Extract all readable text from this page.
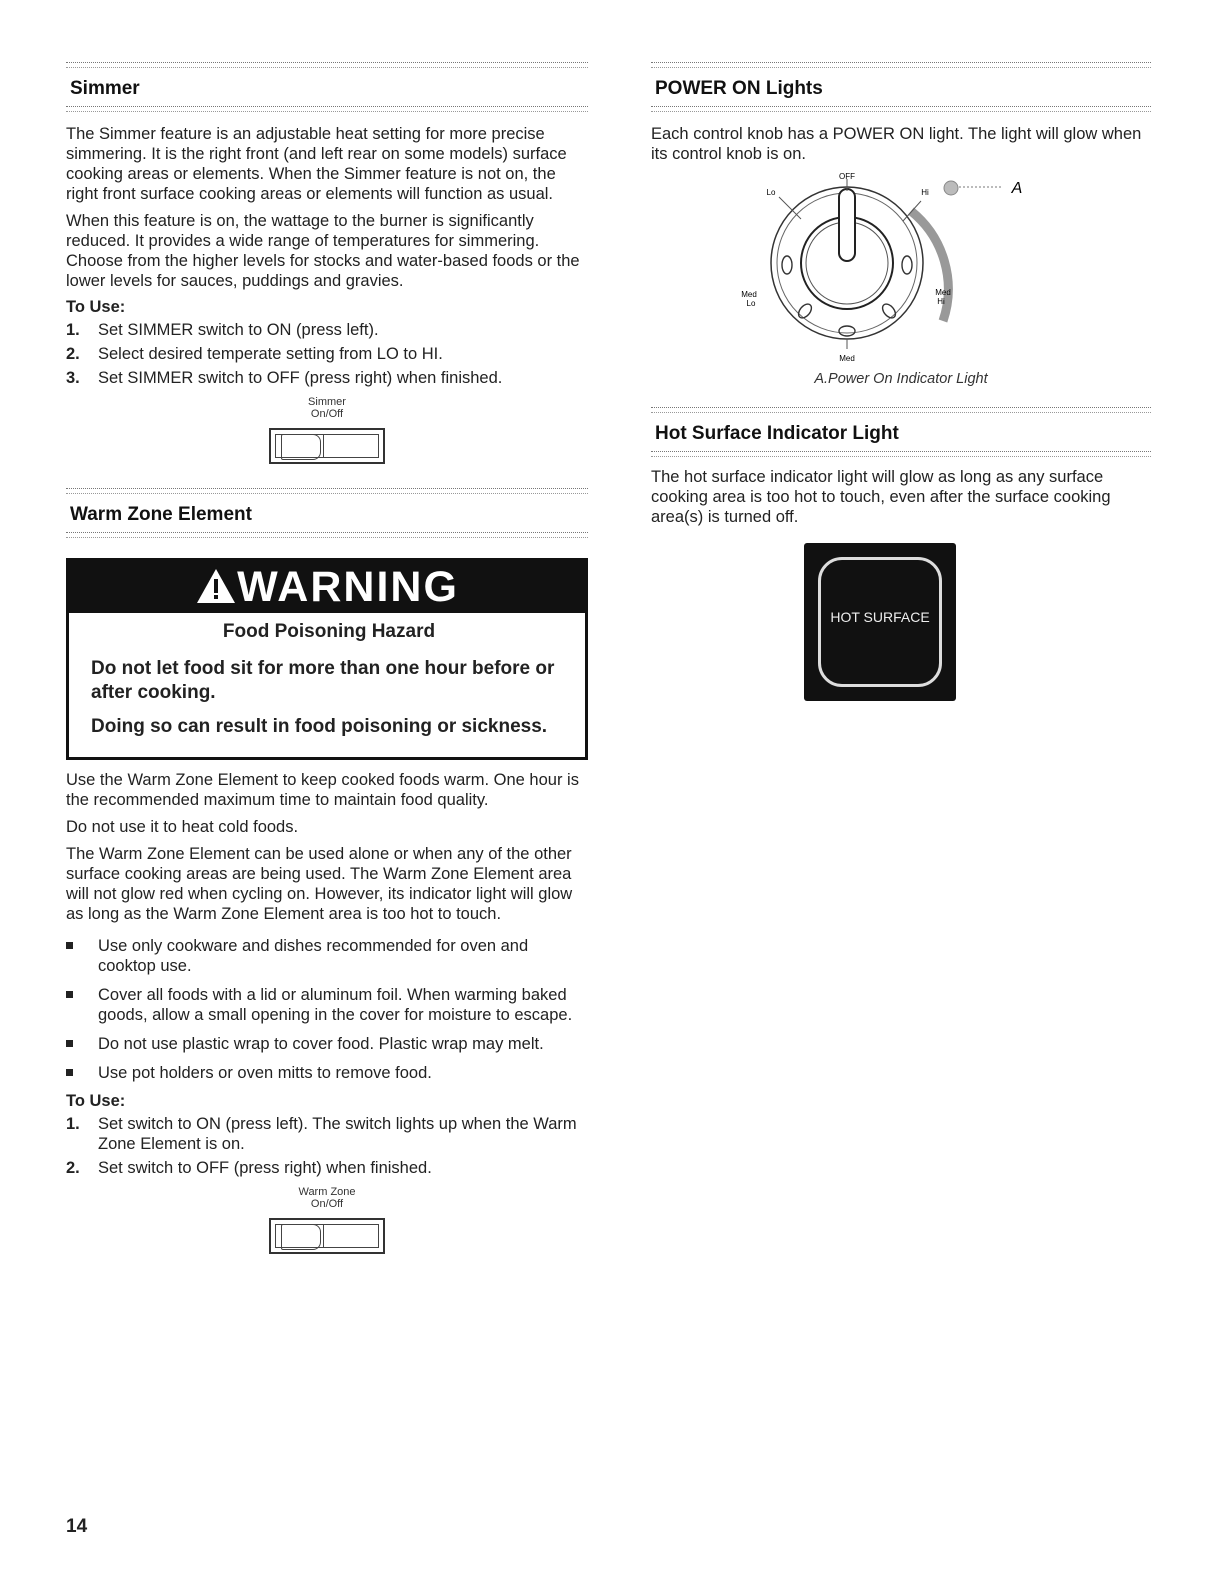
Simmer

The Simmer feature is an adjustable heat setting for more precise simmering. It is the right front (and left rear on some models) surface cooking areas or elements. When the Simmer feature is not on, the right front surface cooking areas or elements will function as usual.

When this feature is on, the wattage to the burner is significantly reduced. It provides a wide range of temperatures for simmering. Choose from the higher levels for stocks and water-based foods or the lower levels for sauces, puddings and gravies.

To Use:
1. Set SIMMER switch to ON (press left).
2. Select desired temperate setting from LO to HI.
3. Set SIMMER switch to OFF (press right) when finished.
Simmer
On/Off
Warm Zone Element
WARNING
Food Poisoning Hazard
Do not let food sit for more than one hour before or after cooking.
Doing so can result in food poisoning or sickness.

Use the Warm Zone Element to keep cooked foods warm. One hour is the recommended maximum time to maintain food quality.

Do not use it to heat cold foods.

The Warm Zone Element can be used alone or when any of the other surface cooking areas are being used. The Warm Zone Element area will not glow red when cycling on. However, its indicator light will glow as long as the Warm Zone Element area is too hot to touch.

Use only cookware and dishes recommended for oven and cooktop use.
Cover all foods with a lid or aluminum foil. When warming baked goods, allow a small opening in the cover for moisture to escape.
Do not use plastic wrap to cover food. Plastic wrap may melt.
Use pot holders or oven mitts to remove food.
To Use:
1. Set switch to ON (press left). The switch lights up when the Warm Zone Element is on.
2. Set switch to OFF (press right) when finished.
Warm Zone
On/Off
POWER ON Lights

Each control knob has a POWER ON light. The light will glow when its control knob is on.

OFF
Lo	Hi
Med
Lo
Med
Hi
Med
A
A.Power On Indicator Light
Hot Surface Indicator Light

The hot surface indicator light will glow as long as any surface cooking area is too hot to touch, even after the surface cooking area(s) is turned off.

HOT SURFACE
14
